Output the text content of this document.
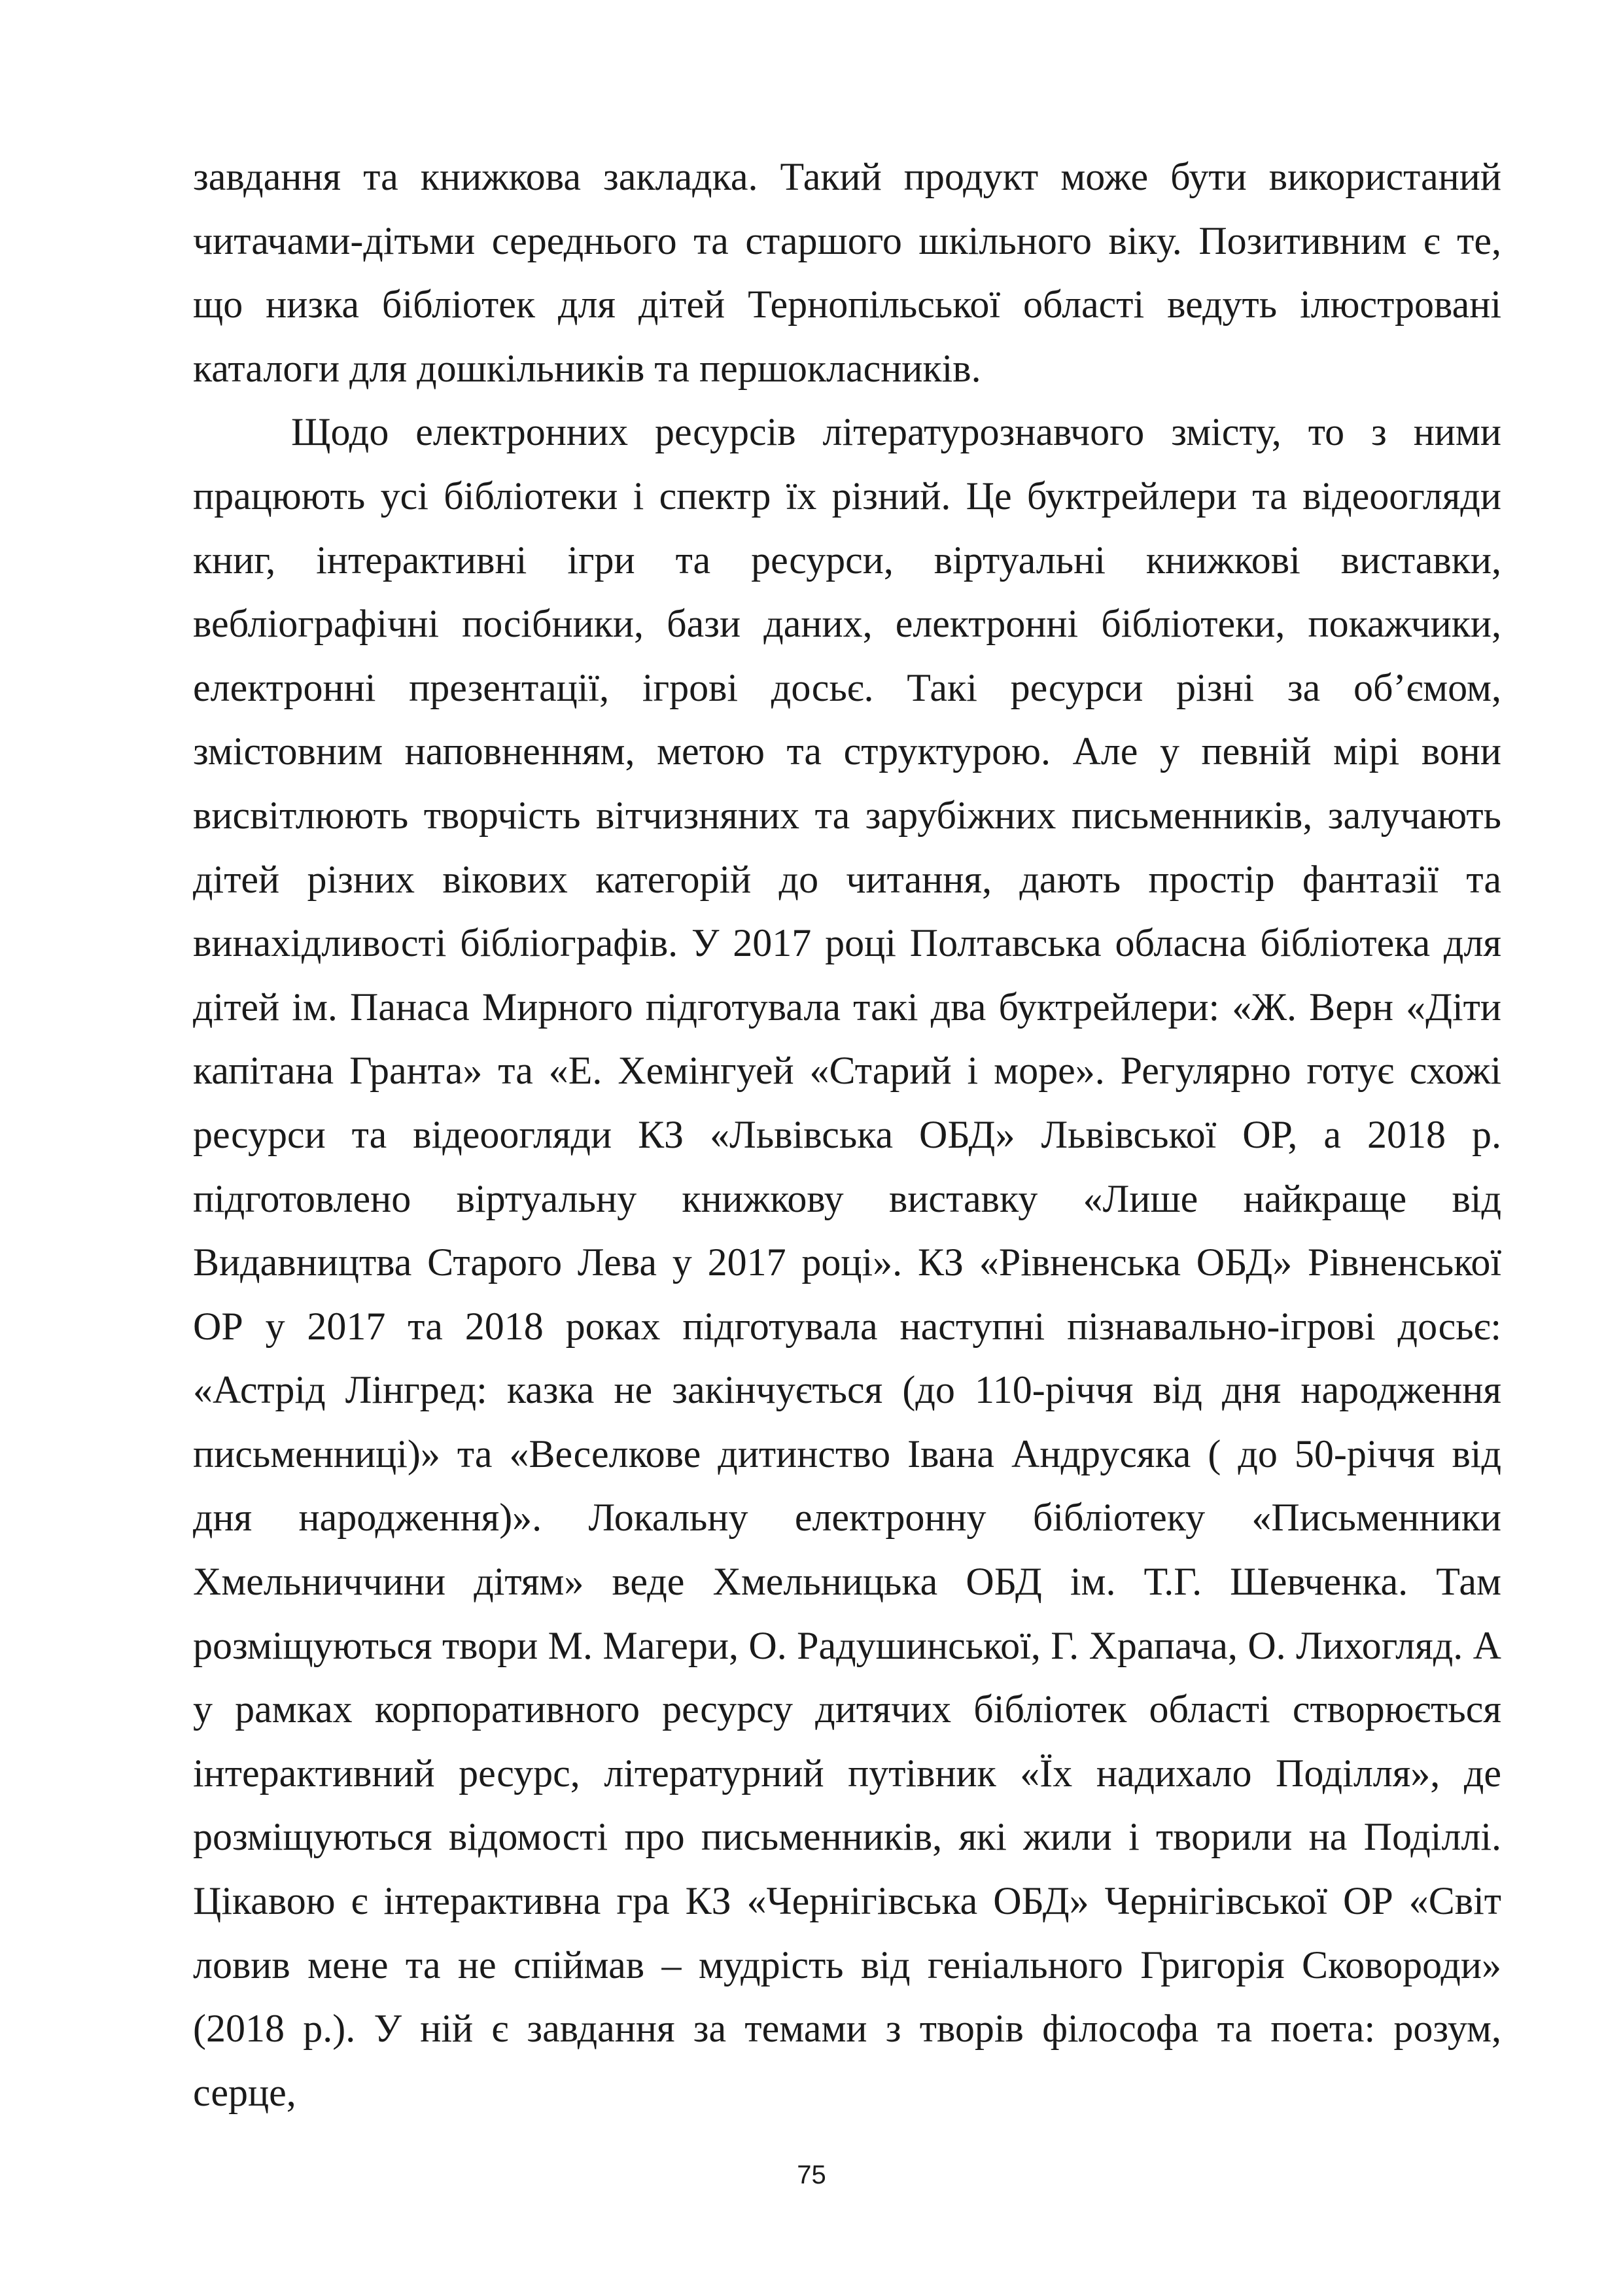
завдання та книжкова закладка. Такий продукт може бути використаний читачами-дітьми середнього та старшого шкільного віку. Позитивним є те, що низка бібліотек для дітей Тернопільської області ведуть ілюстровані каталоги для дошкільників та першокласників.

Щодо електронних ресурсів літературознавчого змісту, то з ними працюють усі бібліотеки і спектр їх різний. Це буктрейлери та відеоогляди книг, інтерактивні ігри та ресурси, віртуальні книжкові виставки, вебліографічні посібники, бази даних, електронні бібліотеки, покажчики, електронні презентації, ігрові досьє. Такі ресурси різні за об’ємом, змістовним наповненням, метою та структурою. Але у певній мірі вони висвітлюють творчість вітчизняних та зарубіжних письменників, залучають дітей різних вікових категорій до читання, дають простір фантазії та винахідливості бібліографів. У 2017 році Полтавська обласна бібліотека для дітей ім. Панаса Мирного підготувала такі два буктрейлери: «Ж. Верн «Діти капітана Гранта» та «Е. Хемінгуей «Старий і море». Регулярно готує схожі ресурси та відеоогляди КЗ «Львівська ОБД» Львівської ОР, а 2018 р. підготовлено віртуальну книжкову виставку «Лише найкраще від Видавництва Старого Лева у 2017 році». КЗ «Рівненська ОБД» Рівненської ОР у 2017 та 2018 роках підготувала наступні пізнавально-ігрові досьє: «Астрід Лінгред: казка не закінчується (до 110-річчя від дня народження письменниці)» та «Веселкове дитинство Івана Андрусяка ( до 50-річчя від дня народження)». Локальну електронну бібліотеку «Письменники Хмельниччини дітям» веде Хмельницька ОБД ім. Т.Г. Шевченка. Там розміщуються твори М. Магери, О. Радушинської, Г. Храпача, О. Лихогляд. А у рамках корпоративного ресурсу дитячих бібліотек області створюється інтерактивний ресурс, літературний путівник «Їх надихало Поділля», де розміщуються відомості про письменників, які жили і творили на Поділлі. Цікавою є інтерактивна гра КЗ «Чернігівська ОБД» Чернігівської ОР «Світ ловив мене та не спіймав – мудрість від геніального Григорія Сковороди» (2018 р.). У ній є завдання за темами з творів філософа та поета: розум, серце,

75
